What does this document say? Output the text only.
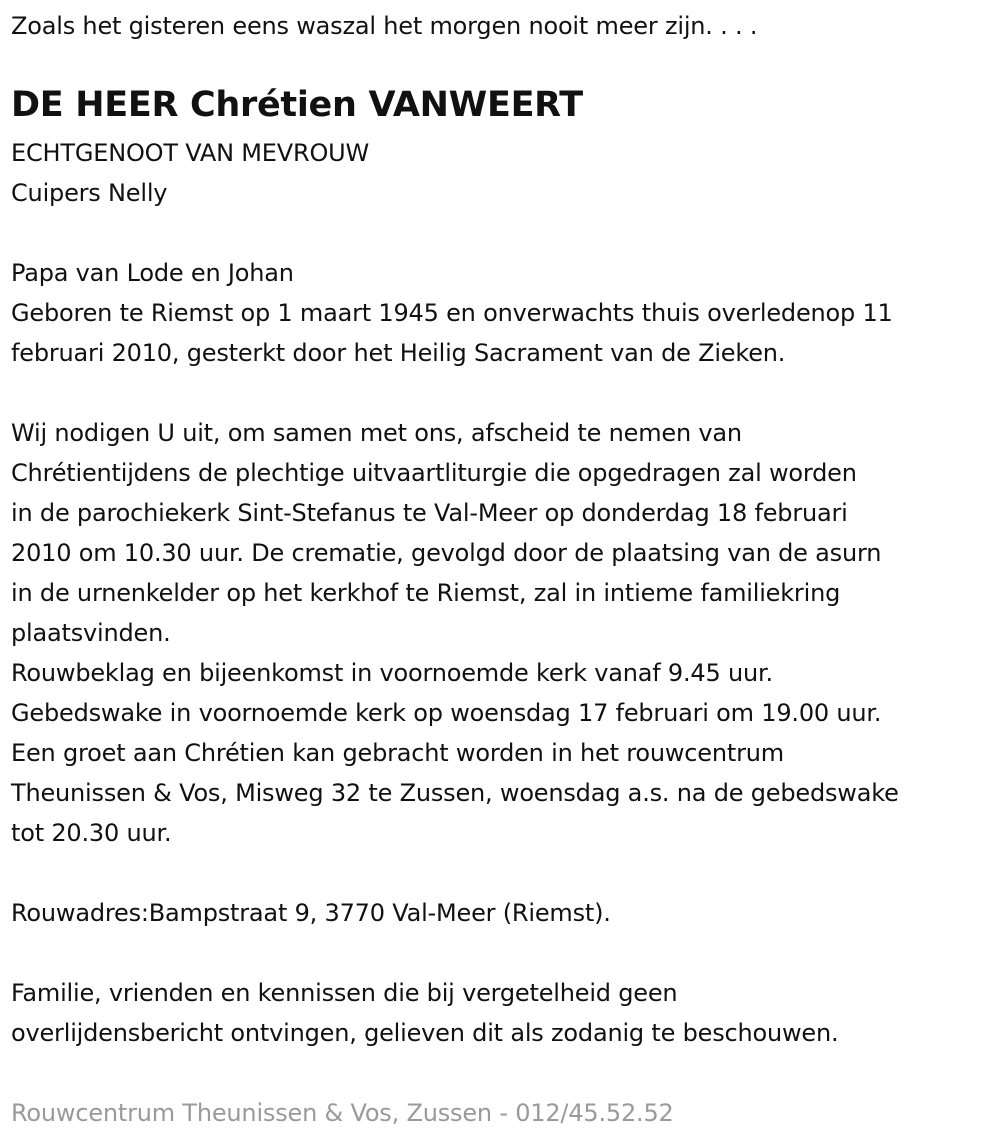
Zoals het gisteren eens waszal het morgen nooit meer zijn. . . .
DE HEER Chrétien VANWEERT
ECHTGENOOT VAN MEVROUW
Cuipers Nelly
Papa van Lode en Johan
Geboren te Riemst op 1 maart 1945 en onverwachts thuis overledenop 11
februari 2010, gesterkt door het Heilig Sacrament van de Zieken.
Wij nodigen U uit, om samen met ons, afscheid te nemen van
Chrétientijdens de plechtige uitvaartliturgie die opgedragen zal worden
in de parochiekerk Sint-Stefanus te Val-Meer op donderdag 18 februari
2010 om 10.30 uur. De crematie, gevolgd door de plaatsing van de asurn
in de urnenkelder op het kerkhof te Riemst, zal in intieme familiekring
plaatsvinden.
Rouwbeklag en bijeenkomst in voornoemde kerk vanaf 9.45 uur.
Gebedswake in voornoemde kerk op woensdag 17 februari om 19.00 uur.
Een groet aan Chrétien kan gebracht worden in het rouwcentrum
Theunissen & Vos, Misweg 32 te Zussen, woensdag a.s. na de gebedswake
tot 20.30 uur.
Rouwadres:Bampstraat 9, 3770 Val-Meer (Riemst).
Familie, vrienden en kennissen die bij vergetelheid geen
overlijdensbericht ontvingen, gelieven dit als zodanig te beschouwen.
Rouwcentrum Theunissen & Vos, Zussen - 012/45.52.52
